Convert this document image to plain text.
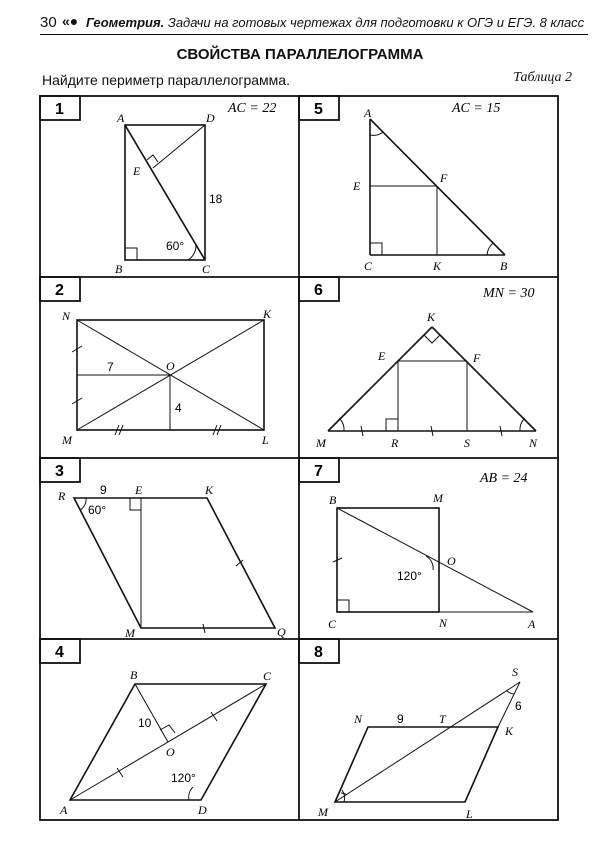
30 «● Геометрия. Задачи на готовых чертежах для подготовки к ОГЭ и ЕГЭ. 8 класс
СВОЙСТВА ПАРАЛЛЕЛОГРАММА
Найдите периметр параллелограмма.	Таблица 2
1	5
2	6
3	7
4	8
AC = 22
A	D
E
B	C
18
60°
AC = 15
A
E
F
C	K	B
N	K
O
M	L
7
4
MN = 30
K
E	F
M	R	S	N
R	9 E	K
60°
M	Q
AB = 24
B	M
O
120°
C	N	A
B	C
10
O
120°
A	D
S
6
N	9	T
K
M	L
